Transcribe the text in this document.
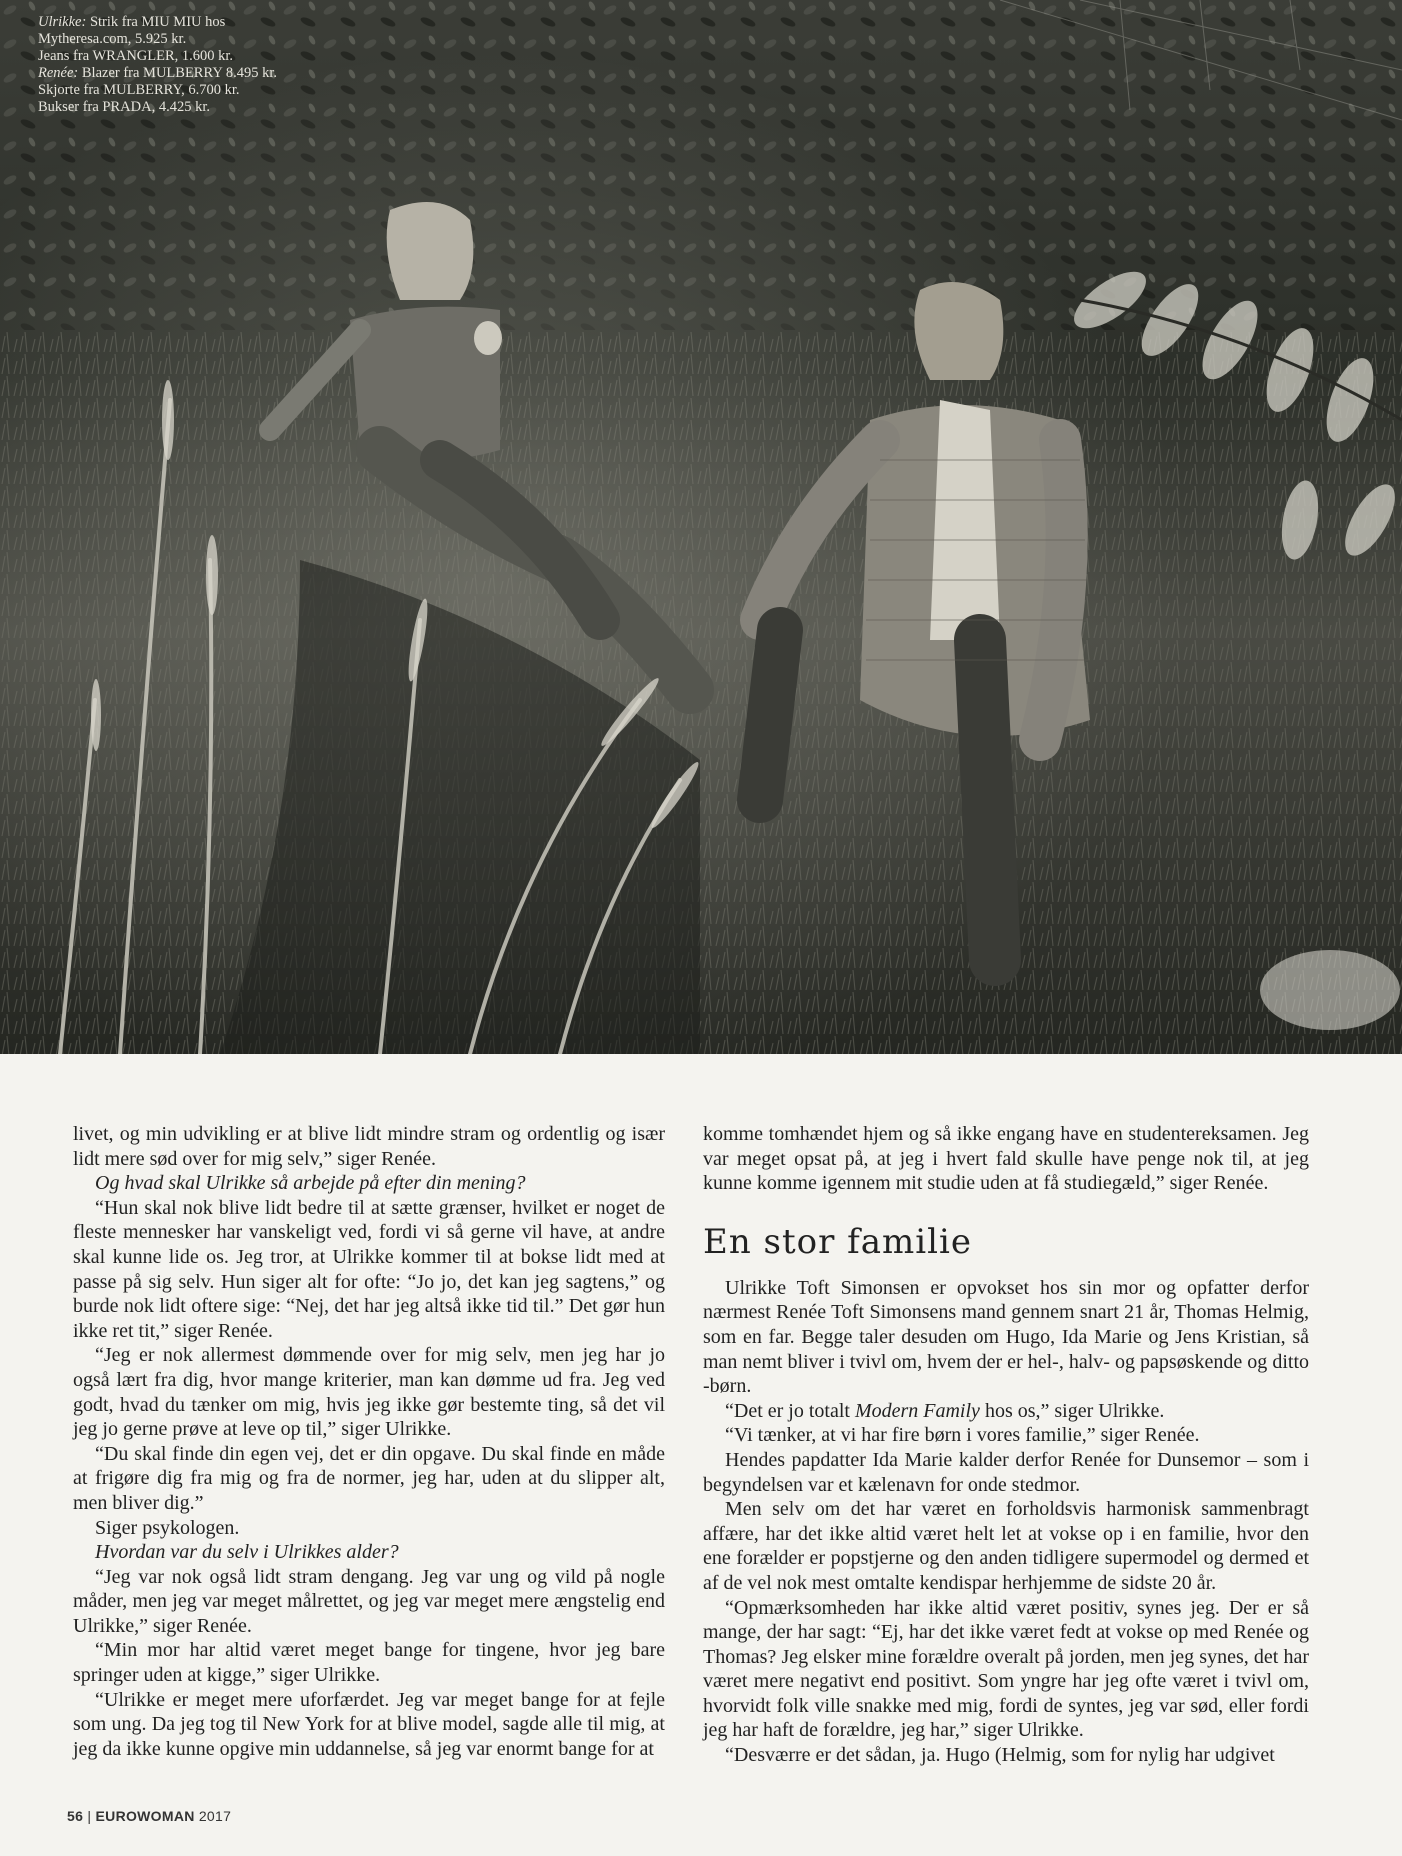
Ulrikke: Strik fra MIU MIU hos
Mytheresa.com, 5.925 kr.
Jeans fra WRANGLER, 1.600 kr.
Renée: Blazer fra MULBERRY 8.495 kr.
Skjorte fra MULBERRY, 6.700 kr.
Bukser fra PRADA, 4.425 kr.

livet, og min udvikling er at blive lidt mindre stram og ordentlig og især lidt mere sød over for mig selv,” siger Renée.

Og hvad skal Ulrikke så arbejde på efter din mening?

“Hun skal nok blive lidt bedre til at sætte grænser, hvilket er noget de fleste mennesker har vanskeligt ved, fordi vi så gerne vil have, at andre skal kunne lide os. Jeg tror, at Ulrikke kommer til at bokse lidt med at passe på sig selv. Hun siger alt for ofte: “Jo jo, det kan jeg sagtens,” og burde nok lidt oftere sige: “Nej, det har jeg altså ikke tid til.” Det gør hun ikke ret tit,” siger Renée.

“Jeg er nok allermest dømmende over for mig selv, men jeg har jo også lært fra dig, hvor mange kriterier, man kan dømme ud fra. Jeg ved godt, hvad du tænker om mig, hvis jeg ikke gør bestemte ting, så det vil jeg jo gerne prøve at leve op til,” siger Ulrikke.

“Du skal finde din egen vej, det er din opgave. Du skal finde en måde at frigøre dig fra mig og fra de normer, jeg har, uden at du slipper alt, men bliver dig.”

Siger psykologen.

Hvordan var du selv i Ulrikkes alder?

“Jeg var nok også lidt stram dengang. Jeg var ung og vild på nogle måder, men jeg var meget målrettet, og jeg var meget mere ængstelig end Ulrikke,” siger Renée.

“Min mor har altid været meget bange for tingene, hvor jeg bare springer uden at kigge,” siger Ulrikke.

“Ulrikke er meget mere uforfærdet. Jeg var meget bange for at fejle som ung. Da jeg tog til New York for at blive model, sagde alle til mig, at jeg da ikke kunne opgive min uddannelse, så jeg var enormt bange for at

komme tomhændet hjem og så ikke engang have en studentereksamen. Jeg var meget opsat på, at jeg i hvert fald skulle have penge nok til, at jeg kunne komme igennem mit studie uden at få studiegæld,” siger Renée.

En stor familie

Ulrikke Toft Simonsen er opvokset hos sin mor og opfatter derfor nærmest Renée Toft Simonsens mand gennem snart 21 år, Thomas Helmig, som en far. Begge taler desuden om Hugo, Ida Marie og Jens Kristian, så man nemt bliver i tvivl om, hvem der er hel-, halv- og papsøskende og ditto -børn.

“Det er jo totalt Modern Family hos os,” siger Ulrikke.

“Vi tænker, at vi har fire børn i vores familie,” siger Renée.

Hendes papdatter Ida Marie kalder derfor Renée for Dunsemor – som i begyndelsen var et kælenavn for onde stedmor.

Men selv om det har været en forholdsvis harmonisk sammenbragt affære, har det ikke altid været helt let at vokse op i en familie, hvor den ene forælder er popstjerne og den anden tidligere supermodel og dermed et af de vel nok mest omtalte kendispar herhjemme de sidste 20 år.

“Opmærksomheden har ikke altid været positiv, synes jeg. Der er så mange, der har sagt: “Ej, har det ikke været fedt at vokse op med Renée og Thomas? Jeg elsker mine forældre overalt på jorden, men jeg synes, det har været mere negativt end positivt. Som yngre har jeg ofte været i tvivl om, hvorvidt folk ville snakke med mig, fordi de syntes, jeg var sød, eller fordi jeg har haft de forældre, jeg har,” siger Ulrikke.

“Desværre er det sådan, ja. Hugo (Helmig, som for nylig har udgivet

56 | EUROWOMAN 2017
